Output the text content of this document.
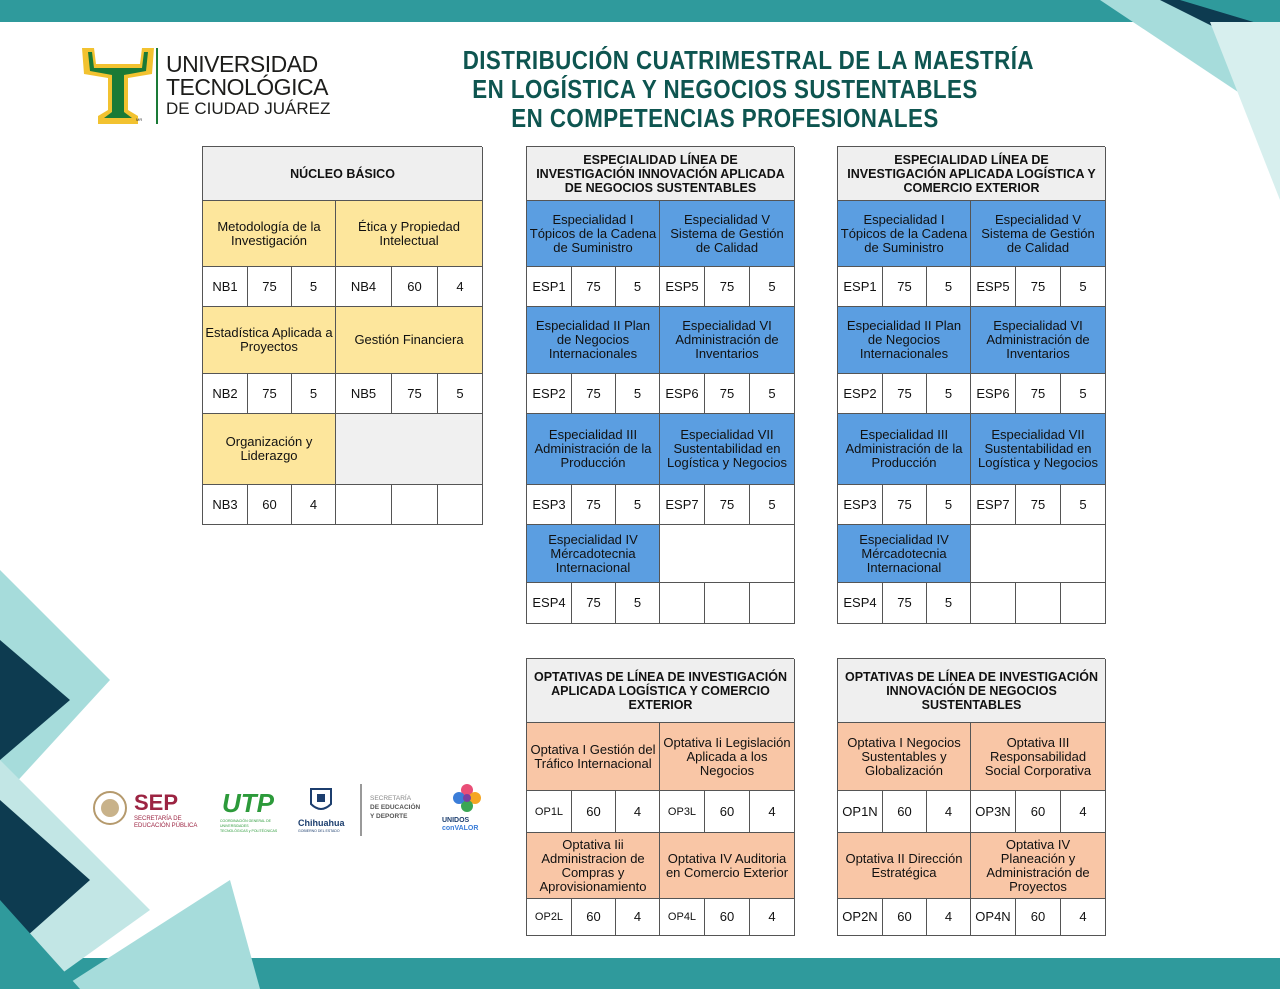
UNIVERSIDAD
TECNOLÓGICA
DE CIUDAD JUÁREZ
MR
DISTRIBUCIÓN CUATRIMESTRAL DE LA MAESTRÍA
EN LOGÍSTICA Y NEGOCIOS SUSTENTABLES
EN COMPETENCIAS PROFESIONALES
NÚCLEO BÁSICO
Metodología de la Investigación
Ética y Propiedad Intelectual
NB1	75	5	NB4	60	4
Estadística Aplicada a Proyectos	Gestión Financiera
NB2	75	5	NB5	75	5
Organización y Liderazgo
NB3	60	4
ESPECIALIDAD LÍNEA DE INVESTIGACIÓN INNOVACIÓN APLICADA DE NEGOCIOS SUSTENTABLES
Especialidad I Tópicos de la Cadena de Suministro
Especialidad V Sistema de Gestión de Calidad
ESP1	75	5	ESP5	75	5
Especialidad II Plan de Negocios Internacionales
Especialidad VI Administración de Inventarios
ESP2	75	5	ESP6	75	5
Especialidad III Administración de la Producción
Especialidad VII Sustentabilidad en Logística y Negocios
ESP3	75	5	ESP7	75	5
Especialidad IV Mércadotecnia Internacional
ESP4	75	5
ESPECIALIDAD LÍNEA DE INVESTIGACIÓN APLICADA LOGÍSTICA Y COMERCIO EXTERIOR
Especialidad I Tópicos de la Cadena de Suministro
Especialidad V Sistema de Gestión de Calidad
ESP1	75	5	ESP5	75	5
Especialidad II Plan de Negocios Internacionales
Especialidad VI Administración de Inventarios
ESP2	75	5	ESP6	75	5
Especialidad III Administración de la Producción
Especialidad VII Sustentabilidad en Logística y Negocios
ESP3	75	5	ESP7	75	5
Especialidad IV Mércadotecnia Internacional
ESP4	75	5
OPTATIVAS DE LÍNEA DE INVESTIGACIÓN APLICADA LOGÍSTICA Y COMERCIO EXTERIOR
Optativa I Gestión del Tráfico Internacional
Optativa Ii Legislación Aplicada a los Negocios
OP1L	60	4	OP3L	60	4
Optativa Iii Administracion de Compras y Aprovisionamiento
Optativa IV Auditoria en Comercio Exterior
OP2L	60	4	OP4L	60	4
OPTATIVAS DE LÍNEA DE INVESTIGACIÓN INNOVACIÓN DE NEGOCIOS SUSTENTABLES
Optativa I Negocios Sustentables y Globalización
Optativa III Responsabilidad Social Corporativa
OP1N	60	4	OP3N	60	4
Optativa II Dirección Estratégica
Optativa IV Planeación y Administración de Proyectos
OP2N	60	4	OP4N	60	4
SEP
SECRETARÍA DE
EDUCACIÓN PÚBLICA
UTP
COORDINACIÓN GENERAL DE UNIVERSIDADES
TECNOLÓGICAS y POLITÉCNICAS
Chihuahua
GOBIERNO DEL ESTADO
SECRETARÍA
DE EDUCACIÓN
Y DEPORTE
UNIDOS
conVALOR
